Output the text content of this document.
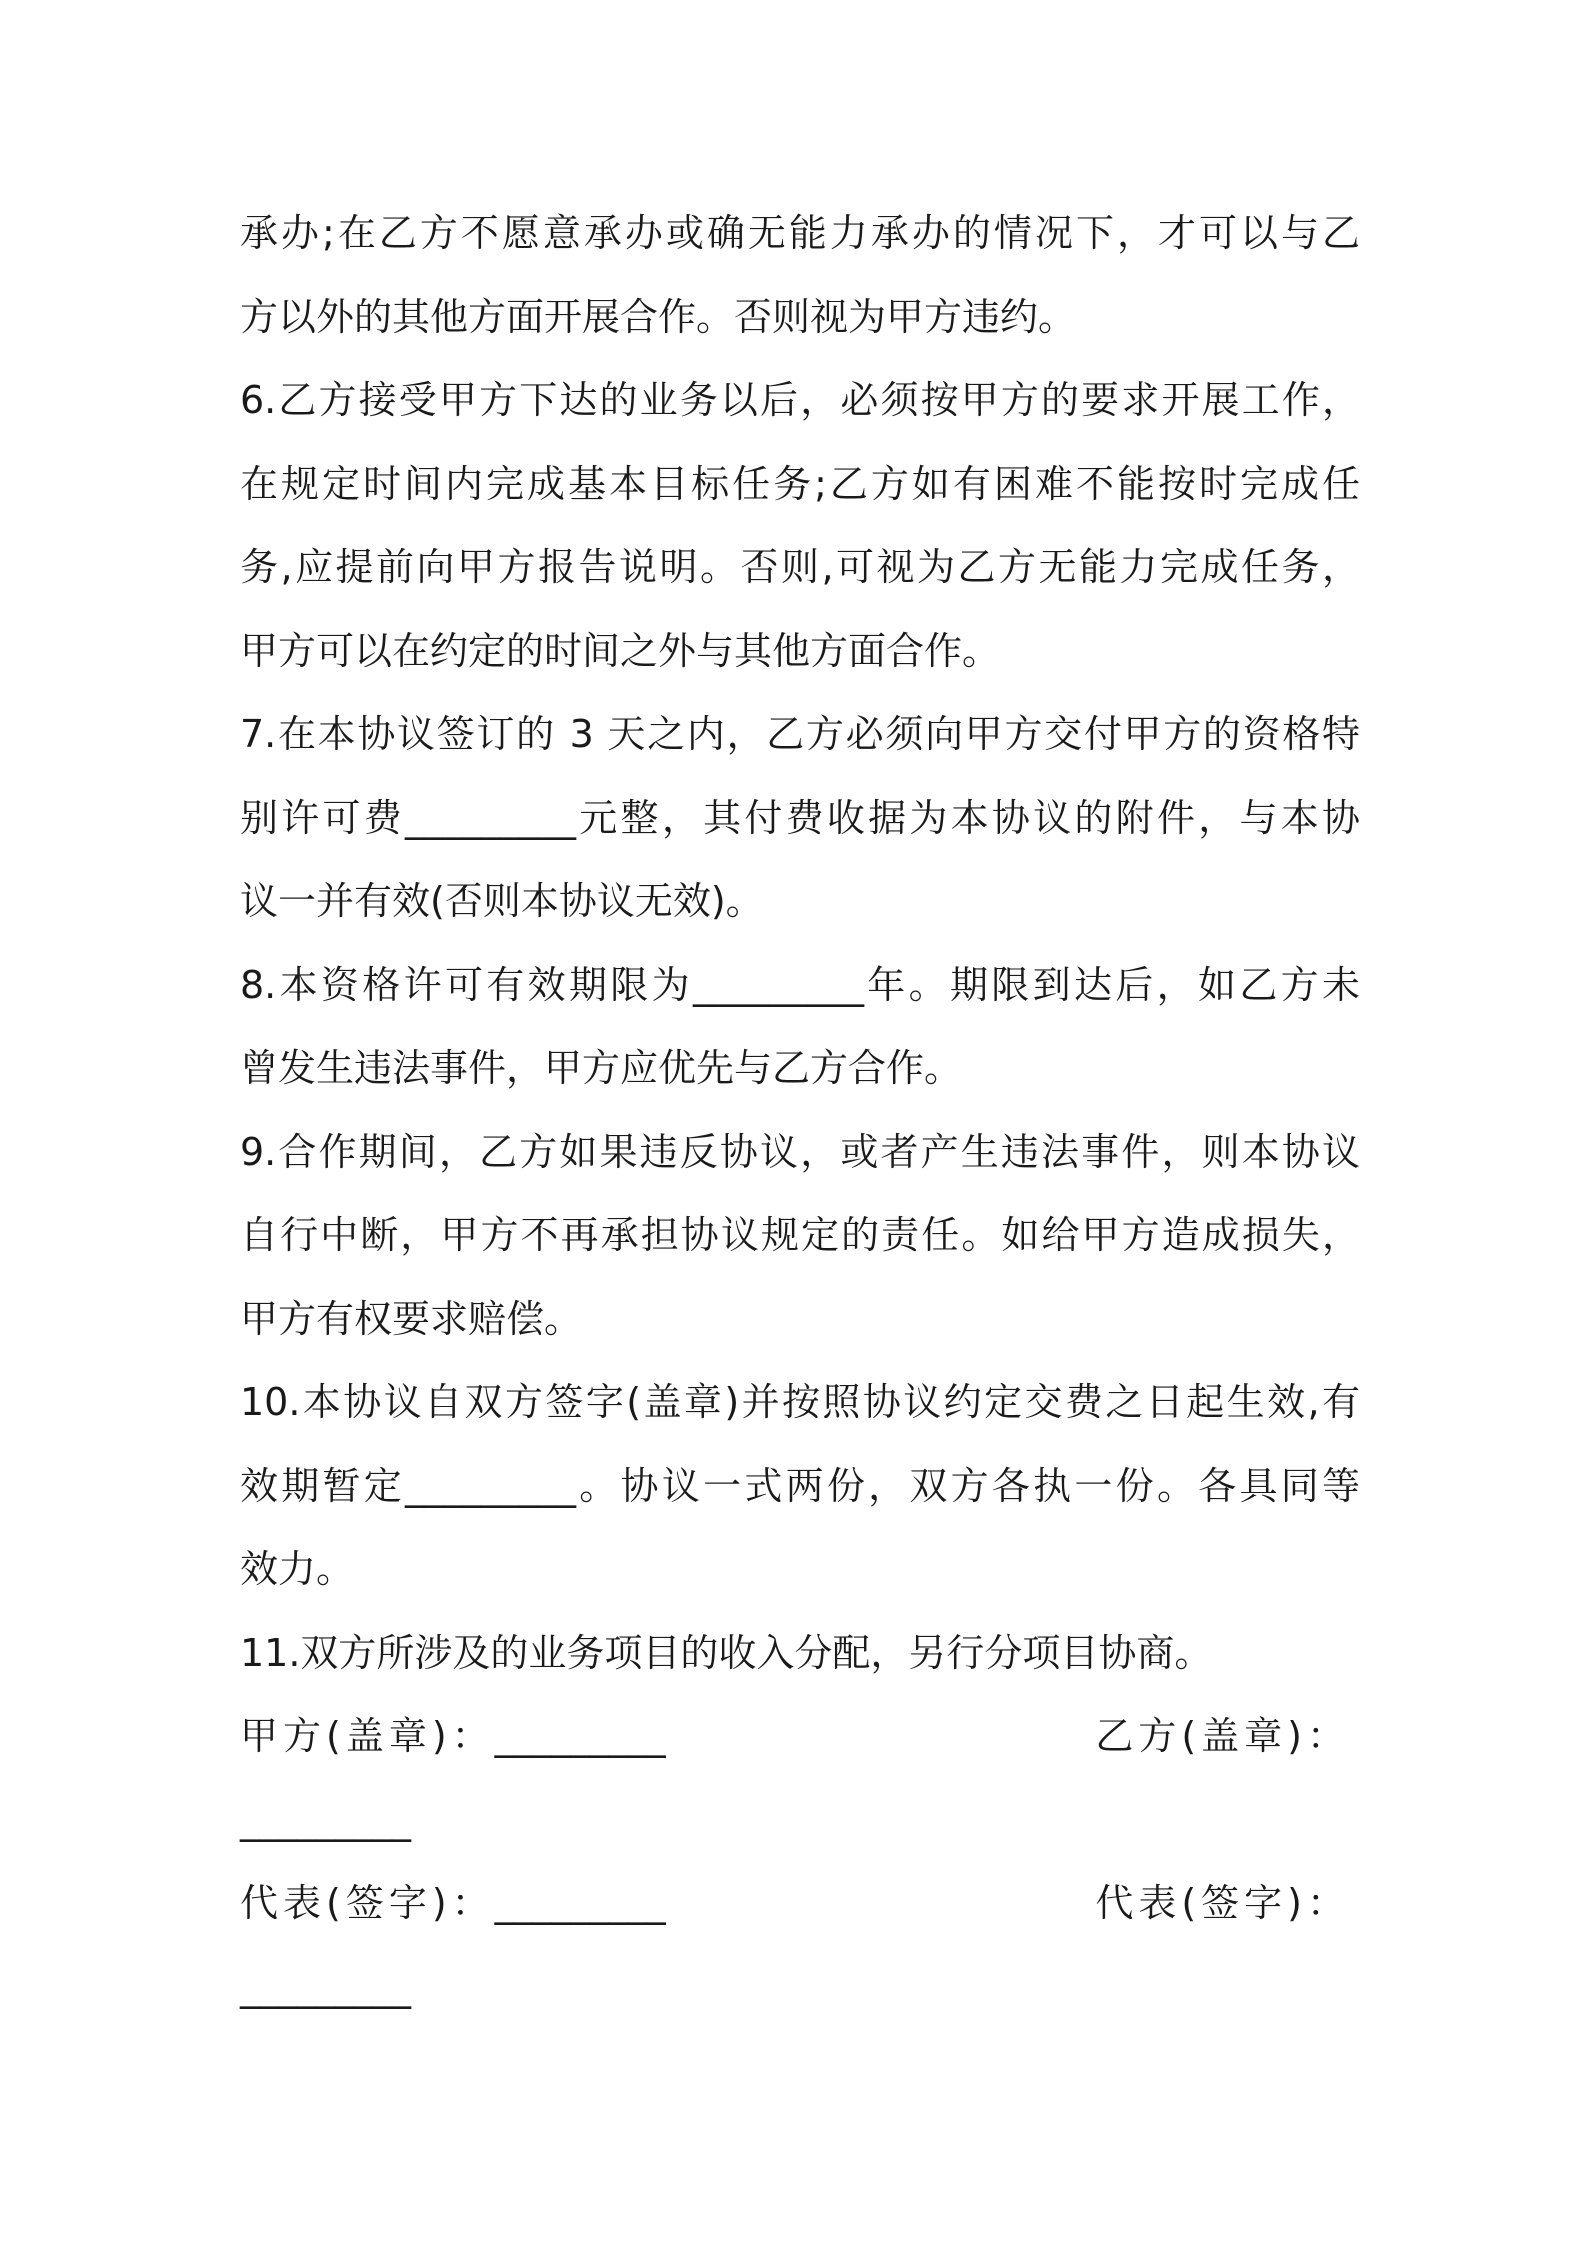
承办;在乙方不愿意承办或确无能力承办的情况下，才可以与乙
方以外的其他方面开展合作。否则视为甲方违约。
6.乙方接受甲方下达的业务以后，必须按甲方的要求开展工作，
在规定时间内完成基本目标任务;乙方如有困难不能按时完成任
务,应提前向甲方报告说明。否则,可视为乙方无能力完成任务，
甲方可以在约定的时间之外与其他方面合作。
7.在本协议签订的 3 天之内，乙方必须向甲方交付甲方的资格特
别许可费_________元整，其付费收据为本协议的附件，与本协
议一并有效(否则本协议无效)。
8.本资格许可有效期限为_________年。期限到达后，如乙方未
曾发生违法事件，甲方应优先与乙方合作。
9.合作期间，乙方如果违反协议，或者产生违法事件，则本协议
自行中断，甲方不再承担协议规定的责任。如给甲方造成损失，
甲方有权要求赔偿。
10.本协议自双方签字(盖章)并按照协议约定交费之日起生效,有
效期暂定_________。协议一式两份，双方各执一份。各具同等
效力。
11.双方所涉及的业务项目的收入分配，另行分项目协商。
甲方(盖章)：_________	乙方(盖章)：
_________
代表(签字)：_________	代表(签字)：
_________
